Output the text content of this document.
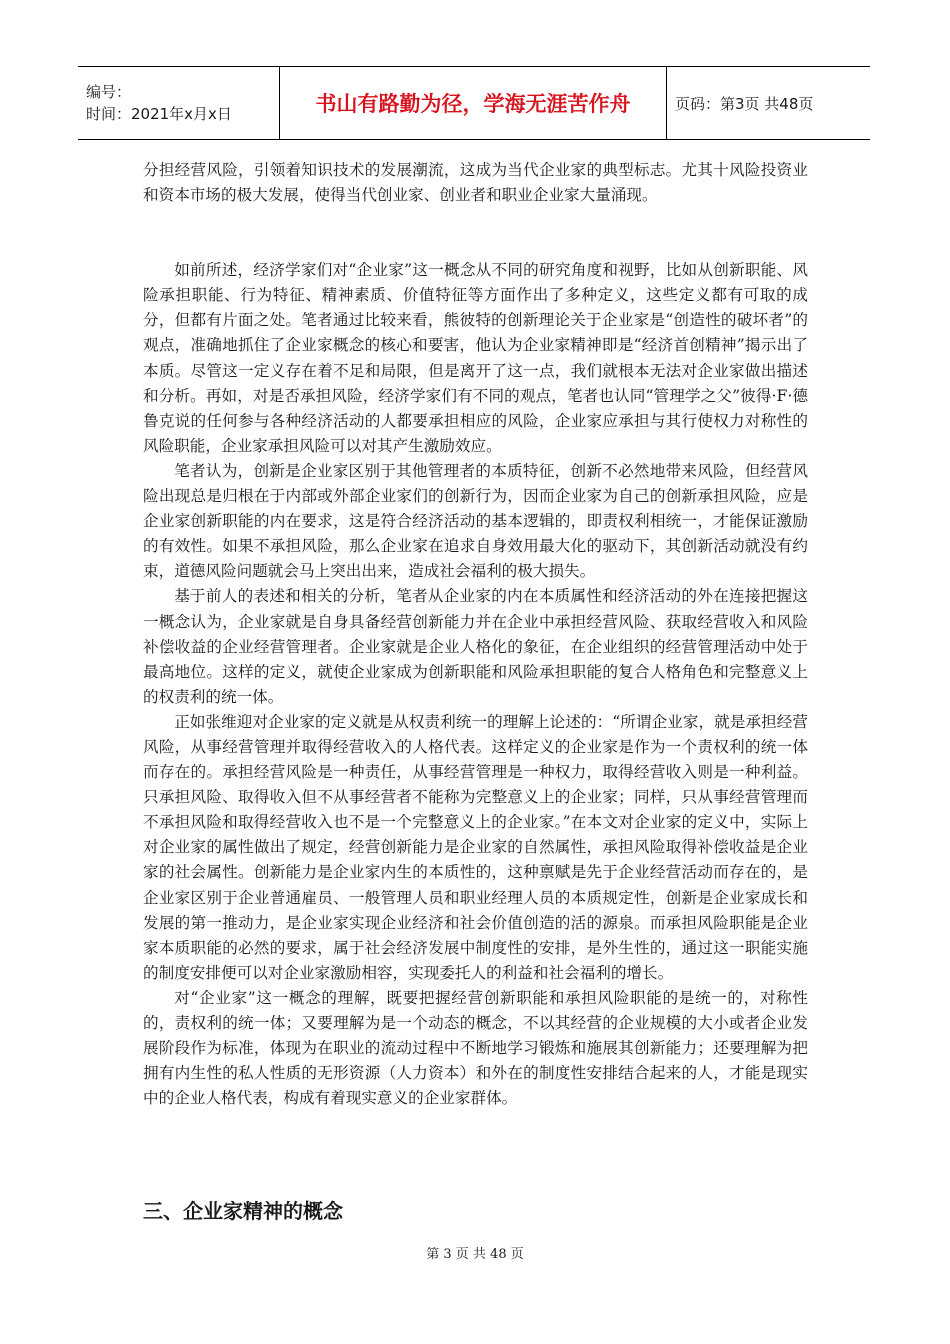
编号：
时间：2021年x月x日	书山有路勤为径，学海无涯苦作舟	页码：第3页 共48页

分担经营风险，引领着知识技术的发展潮流，这成为当代企业家的典型标志。尤其十风险投资业和资本市场的极大发展，使得当代创业家、创业者和职业企业家大量涌现。

如前所述，经济学家们对“企业家”这一概念从不同的研究角度和视野，比如从创新职能、风险承担职能、行为特征、精神素质、价值特征等方面作出了多种定义，这些定义都有可取的成分，但都有片面之处。笔者通过比较来看，熊彼特的创新理论关于企业家是“创造性的破坏者”的观点，准确地抓住了企业家概念的核心和要害，他认为企业家精神即是“经济首创精神”揭示出了本质。尽管这一定义存在着不足和局限，但是离开了这一点，我们就根本无法对企业家做出描述和分析。再如，对是否承担风险，经济学家们有不同的观点，笔者也认同“管理学之父”彼得·F·德鲁克说的任何参与各种经济活动的人都要承担相应的风险，企业家应承担与其行使权力对称性的风险职能，企业家承担风险可以对其产生激励效应。

笔者认为，创新是企业家区别于其他管理者的本质特征，创新不必然地带来风险，但经营风险出现总是归根在于内部或外部企业家们的创新行为，因而企业家为自己的创新承担风险，应是企业家创新职能的内在要求，这是符合经济活动的基本逻辑的，即责权利相统一，才能保证激励的有效性。如果不承担风险，那么企业家在追求自身效用最大化的驱动下，其创新活动就没有约束，道德风险问题就会马上突出出来，造成社会福利的极大损失。

基于前人的表述和相关的分析，笔者从企业家的内在本质属性和经济活动的外在连接把握这一概念认为，企业家就是自身具备经营创新能力并在企业中承担经营风险、获取经营收入和风险补偿收益的企业经营管理者。企业家就是企业人格化的象征，在企业组织的经营管理活动中处于最高地位。这样的定义，就使企业家成为创新职能和风险承担职能的复合人格角色和完整意义上的权责利的统一体。

正如张维迎对企业家的定义就是从权责利统一的理解上论述的：“所谓企业家，就是承担经营风险，从事经营管理并取得经营收入的人格代表。这样定义的企业家是作为一个责权利的统一体而存在的。承担经营风险是一种责任，从事经营管理是一种权力，取得经营收入则是一种利益。只承担风险、取得收入但不从事经营者不能称为完整意义上的企业家；同样，只从事经营管理而不承担风险和取得经营收入也不是一个完整意义上的企业家。”在本文对企业家的定义中，实际上对企业家的属性做出了规定，经营创新能力是企业家的自然属性，承担风险取得补偿收益是企业家的社会属性。创新能力是企业家内生的本质性的，这种禀赋是先于企业经营活动而存在的，是企业家区别于企业普通雇员、一般管理人员和职业经理人员的本质规定性，创新是企业家成长和发展的第一推动力，是企业家实现企业经济和社会价值创造的活的源泉。而承担风险职能是企业家本质职能的必然的要求，属于社会经济发展中制度性的安排，是外生性的，通过这一职能实施的制度安排便可以对企业家激励相容，实现委托人的利益和社会福利的增长。

对“企业家”这一概念的理解，既要把握经营创新职能和承担风险职能的是统一的，对称性的，责权利的统一体；又要理解为是一个动态的概念，不以其经营的企业规模的大小或者企业发展阶段作为标准，体现为在职业的流动过程中不断地学习锻炼和施展其创新能力；还要理解为把拥有内生性的私人性质的无形资源（人力资本）和外在的制度性安排结合起来的人，才能是现实中的企业人格代表，构成有着现实意义的企业家群体。

三、企业家精神的概念
第 3 页 共 48 页
